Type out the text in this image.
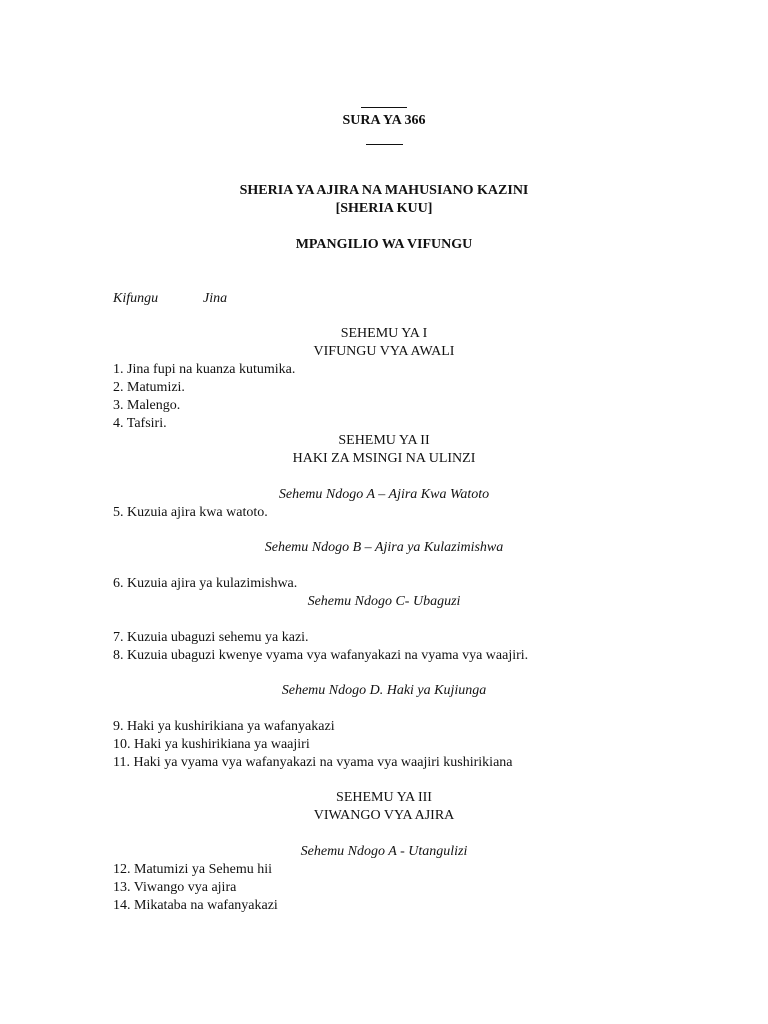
SURA YA 366
SHERIA YA AJIRA NA MAHUSIANO KAZINI
[SHERIA KUU]
MPANGILIO WA VIFUNGU
Kifungu	Jina
SEHEMU YA I
VIFUNGU VYA AWALI
1. Jina fupi na kuanza kutumika.
2. Matumizi.
3. Malengo.
4. Tafsiri.
SEHEMU YA II
HAKI ZA MSINGI NA ULINZI
Sehemu Ndogo A – Ajira Kwa Watoto
5. Kuzuia ajira kwa watoto.
Sehemu Ndogo B – Ajira ya Kulazimishwa
6. Kuzuia ajira ya kulazimishwa.
Sehemu Ndogo C- Ubaguzi
7. Kuzuia ubaguzi sehemu ya kazi.
8. Kuzuia ubaguzi kwenye vyama vya wafanyakazi na vyama vya waajiri.
Sehemu Ndogo D. Haki ya Kujiunga
9. Haki ya kushirikiana ya wafanyakazi
10. Haki ya kushirikiana ya waajiri
11. Haki ya vyama vya wafanyakazi na vyama vya waajiri kushirikiana
SEHEMU YA III
VIWANGO VYA AJIRA
Sehemu Ndogo A - Utangulizi
12. Matumizi ya Sehemu hii
13. Viwango vya ajira
14. Mikataba na wafanyakazi
